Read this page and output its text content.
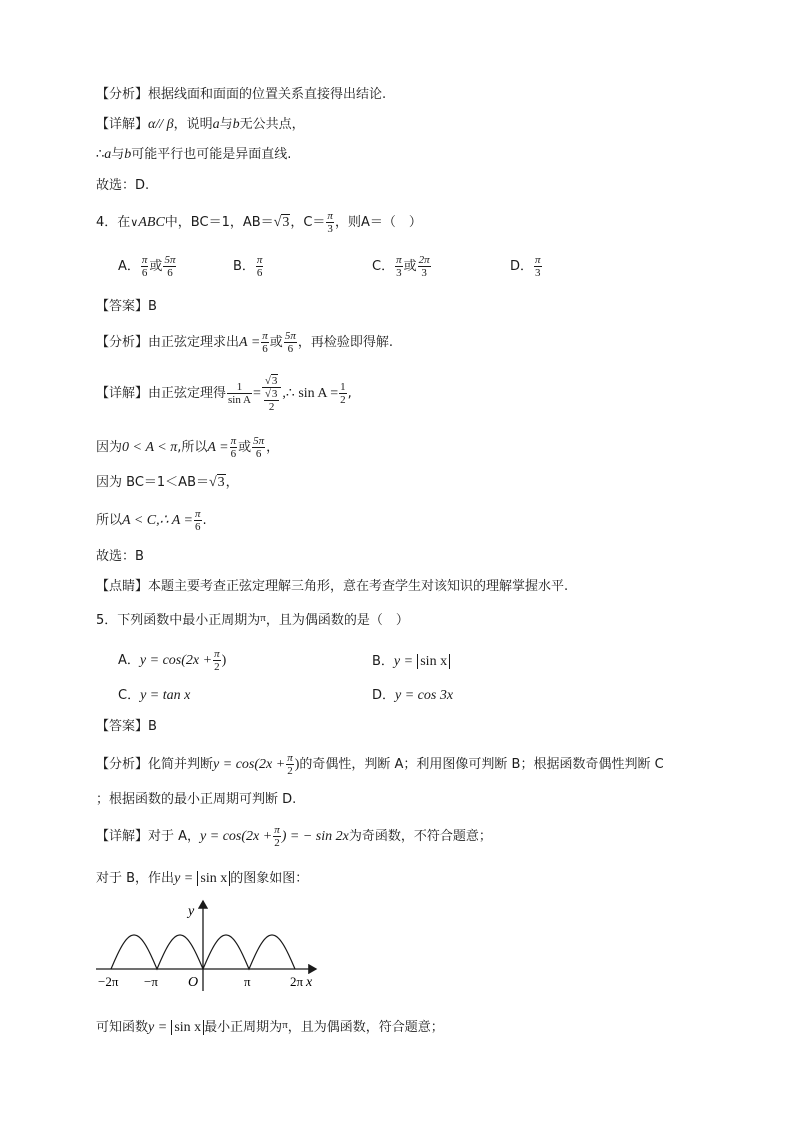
【分析】根据线面和面面的位置关系直接得出结论.
【详解】α// β，说明a与b无公共点，
∴a与b可能平行也可能是异面直线.
故选：D.
4．在∨ABC中，BC＝1，AB＝√3，$C= \frac{\pi}{3}$ ，则A＝（　）
A． $\frac{\pi}{6}$ 或 $\frac{5\pi}{6}$	B． $\frac{\pi}{6}$	C． $\frac{\pi}{3}$ 或 $\frac{2\pi}{3}$	D． $\frac{\pi}{3}$
【答案】B
【分析】由正弦定理求出$A = \frac{\pi}{6}$ 或 $\frac{5\pi}{6}$ ，再检验即得解.
【详解】由正弦定理得 $\frac{1}{\text{sin A}} = \frac{√3}{\frac{√3}{2}}$ ,∴ $\sin A = \frac{1}{2}$ ,
因为0 < A < π,所以$A = \frac{\pi}{6}$ 或 $\frac{5\pi}{6}$ ，
因为 BC＝1＜AB＝√3，
所以A < C,∴ $A = \frac{\pi}{6}$ .
故选：B
【点睛】本题主要考查正弦定理解三角形，意在考查学生对该知识的理解掌握水平.
5．下列函数中最小正周期为$^\pi$，且为偶函数的是（　）
A．$y = \cos(2x + \frac{\pi}{2}$ )	B．y = sin x
C．y = tan x	D．y = cos 3x
【答案】B
【分析】化简并判断$y = \cos(2x + \frac{\pi}{2}$ )的奇偶性，判断 A；利用图像可判断 B；根据函数奇偶性判断 C
；根据函数的最小正周期可判断 D.
【详解】对于 A，$y = \cos(2x + \frac{\pi}{2}$ ) = − sin 2x为奇函数，不符合题意；
对于 B，作出y = sin x 的图象如图：
y
x
O
−2π −π	π	2π
可知函数y = sin x 最小正周期为$^\pi$，且为偶函数，符合题意；
